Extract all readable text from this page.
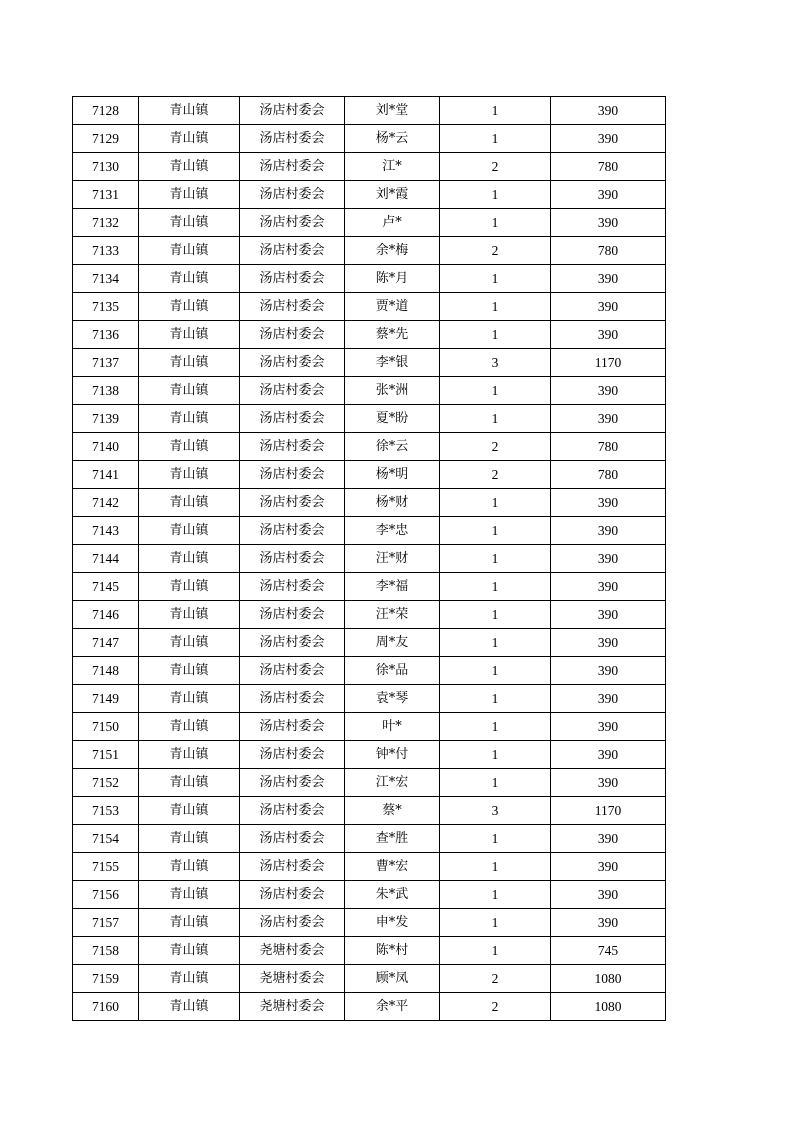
7128	青山镇	汤店村委会	刘*堂	1	390
7129	青山镇	汤店村委会	杨*云	1	390
7130	青山镇	汤店村委会	江*	2	780
7131	青山镇	汤店村委会	刘*霞	1	390
7132	青山镇	汤店村委会	卢*	1	390
7133	青山镇	汤店村委会	余*梅	2	780
7134	青山镇	汤店村委会	陈*月	1	390
7135	青山镇	汤店村委会	贾*道	1	390
7136	青山镇	汤店村委会	蔡*先	1	390
7137	青山镇	汤店村委会	李*银	3	1170
7138	青山镇	汤店村委会	张*洲	1	390
7139	青山镇	汤店村委会	夏*盼	1	390
7140	青山镇	汤店村委会	徐*云	2	780
7141	青山镇	汤店村委会	杨*明	2	780
7142	青山镇	汤店村委会	杨*财	1	390
7143	青山镇	汤店村委会	李*忠	1	390
7144	青山镇	汤店村委会	汪*财	1	390
7145	青山镇	汤店村委会	李*福	1	390
7146	青山镇	汤店村委会	汪*荣	1	390
7147	青山镇	汤店村委会	周*友	1	390
7148	青山镇	汤店村委会	徐*品	1	390
7149	青山镇	汤店村委会	袁*琴	1	390
7150	青山镇	汤店村委会	叶*	1	390
7151	青山镇	汤店村委会	钟*付	1	390
7152	青山镇	汤店村委会	江*宏	1	390
7153	青山镇	汤店村委会	蔡*	3	1170
7154	青山镇	汤店村委会	查*胜	1	390
7155	青山镇	汤店村委会	曹*宏	1	390
7156	青山镇	汤店村委会	朱*武	1	390
7157	青山镇	汤店村委会	申*发	1	390
7158	青山镇	尧塘村委会	陈*村	1	745
7159	青山镇	尧塘村委会	顾*凤	2	1080
7160	青山镇	尧塘村委会	余*平	2	1080
